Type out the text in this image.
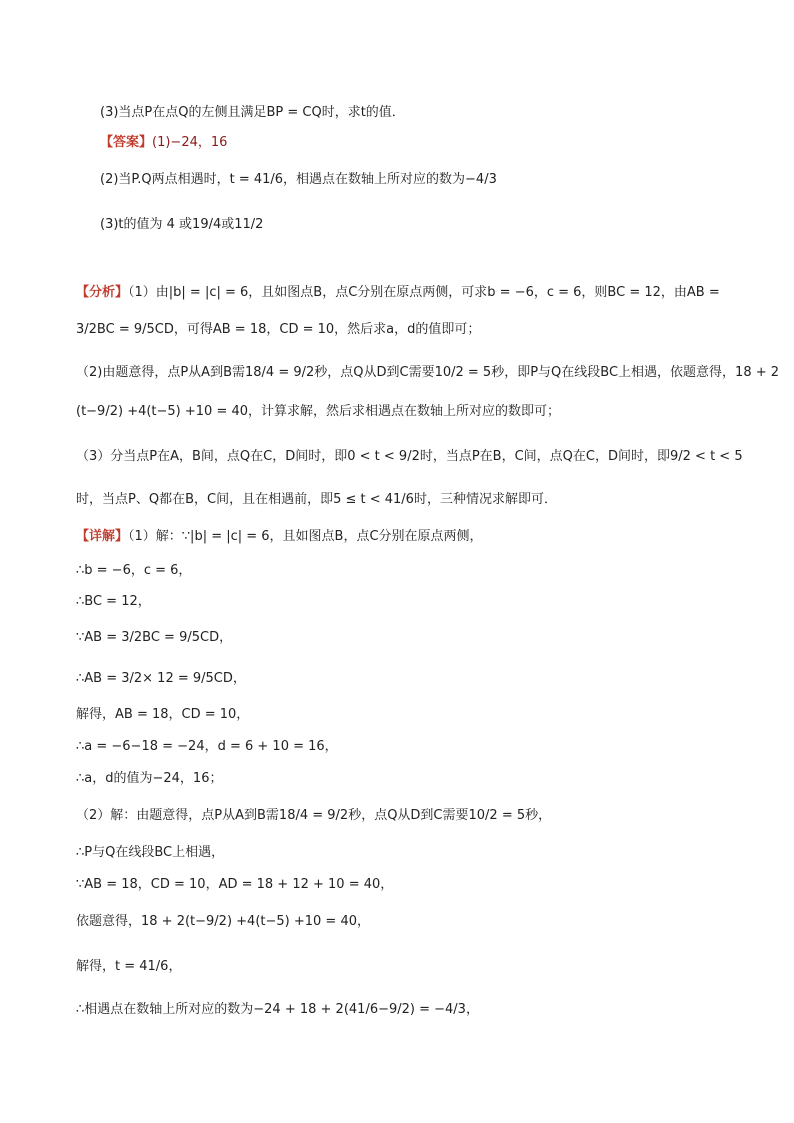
(3)当点P在点Q的左侧且满足BP = CQ时，求t的值．
【答案】(1)−24，16
(2)当P.Q两点相遇时，t = 41/6，相遇点在数轴上所对应的数为−4/3
(3)t的值为 4 或19/4或11/2
【分析】（1）由|b| = |c| = 6，且如图点B，点C分别在原点两侧，可求b = −6，c = 6，则BC = 12，由AB =
3/2BC = 9/5CD，可得AB = 18，CD = 10，然后求a，d的值即可；
（2)由题意得，点P从A到B需18/4 = 9/2秒，点Q从D到C需要10/2 = 5秒，即P与Q在线段BC上相遇，依题意得，18 + 2
(t−9/2) +4(t−5) +10 = 40，计算求解，然后求相遇点在数轴上所对应的数即可；
（3）分当点P在A，B间，点Q在C，D间时，即0 < t < 9/2时，当点P在B，C间，点Q在C，D间时，即9/2 < t < 5
时，当点P、Q都在B，C间，且在相遇前，即5 ≤ t < 41/6时，三种情况求解即可．
【详解】（1）解：∵|b| = |c| = 6，且如图点B，点C分别在原点两侧，
∴b = −6，c = 6，
∴BC = 12，
∵AB = 3/2BC = 9/5CD，
∴AB = 3/2× 12 = 9/5CD，
解得，AB = 18，CD = 10，
∴a = −6−18 = −24，d = 6 + 10 = 16，
∴a，d的值为−24，16；
（2）解：由题意得，点P从A到B需18/4 = 9/2秒，点Q从D到C需要10/2 = 5秒，
∴P与Q在线段BC上相遇，
∵AB = 18，CD = 10，AD = 18 + 12 + 10 = 40，
依题意得，18 + 2(t−9/2) +4(t−5) +10 = 40，
解得，t = 41/6，
∴相遇点在数轴上所对应的数为−24 + 18 + 2(41/6−9/2) = −4/3，
